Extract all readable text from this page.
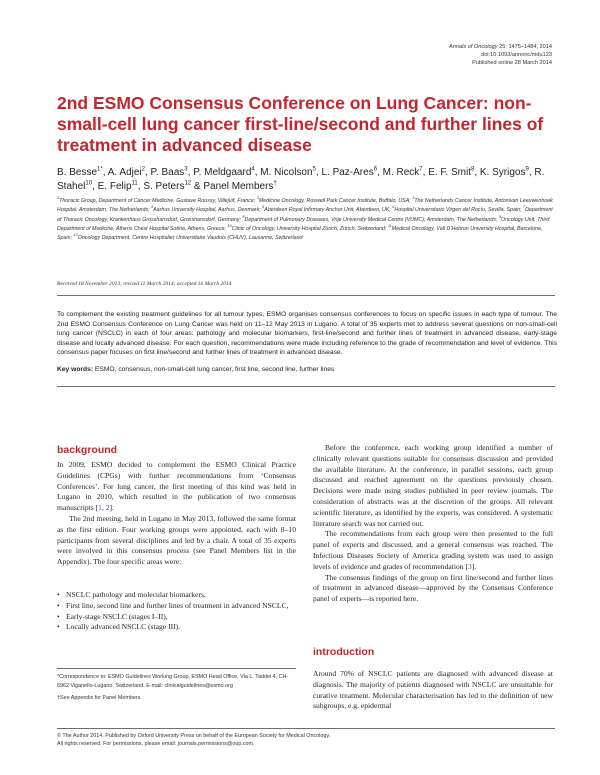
Annals of Oncology 25: 1475–1484, 2014
doi:10.1093/annonc/mdu123
Published online 28 March 2014
2nd ESMO Consensus Conference on Lung Cancer: non-small-cell lung cancer first-line/second and further lines of treatment in advanced disease
B. Besse$^{1*}$, A. Adjei$^2$, P. Baas$^3$, P. Meldgaard$^4$, M. Nicolson$^5$, L. Paz-Ares$^6$, M. Reck$^7$, E. F. Smit$^8$, K. Syrigos$^9$, R. Stahel$^{10}$, E. Felip$^{11}$, S. Peters$^{12}$ & Panel Members†
$^1$Thoracic Group, Department of Cancer Medicine, Gustave Roussy, Villejuif, France; $^2$Medicine Oncology, Roswell Park Cancer Institute, Buffalo, USA; $^3$The Netherlands Cancer Institute, Antonivan Leeuwenhoek Hospital, Amsterdam, The Netherlands; $^4$Aarhus University Hospital, Aarhus, Denmark; $^5$Aberdeen Royal Infirmary Anchor Unit, Aberdeen, UK; $^6$Hospital Universitario Virgen del Rocío, Sevilla, Spain; $^7$Department of Thoracic Oncology, Krankenhaus Grosshansdorf, Grosshansdorf, Germany; $^8$Department of Pulmonary Diseases, Vrije University Medical Centre (VUMC), Amsterdam, The Netherlands; $^9$Oncology Unit, Third Department of Medicine, Athens Chest Hospital Sotiria, Athens, Greece; $^{10}$Clinic of Oncology, University Hospital Zürich, Zürich, Switzerland; $^{11}$Medical Oncology, Vall D'Hebron University Hospital, Barcelona, Spain; $^{12}$Oncology Department, Centre Hospitalier Universitaire Vaudois (CHUV), Lausanne, Switzerland
Received 18 November 2013; revised 11 March 2014; accepted 16 March 2014
To complement the existing treatment guidelines for all tumour types, ESMO organises consensus conferences to focus on specific issues in each type of tumour. The 2nd ESMO Consensus Conference on Lung Cancer was held on 11–12 May 2013 in Lugano. A total of 35 experts met to address several questions on non-small-cell lung cancer (NSCLC) in each of four areas: pathology and molecular biomarkers, first-line/second and further lines of treatment in advanced disease, early-stage disease and locally advanced disease. For each question, recommendations were made including reference to the grade of recommendation and level of evidence. This consensus paper focuses on first line/second and further lines of treatment in advanced disease.
Key words: ESMO, consensus, non-small-cell lung cancer, first line, second line, further lines
background

In 2009, ESMO decided to complement the ESMO Clinical Practice Guidelines (CPGs) with further recommendations from ‘Consensus Conferences’. For lung cancer, the first meeting of this kind was held in Lugano in 2010, which resulted in the publication of two consensus manuscripts [1, 2].

The 2nd meeting, held in Lugano in May 2013, followed the same format as the first edition. Four working groups were appointed, each with 8–10 participants from several disciplines and led by a chair. A total of 35 experts were involved in this consensus process (see Panel Members list in the Appendix). The four specific areas were:

• NSCLC pathology and molecular biomarkers,
• First line, second line and further lines of treatment in advanced NSCLC,
• Early-stage NSCLC (stages I–II),
• Locally advanced NSCLC (stage III).
*Correspondence to: ESMO Guidelines Working Group, ESMO Head Office, Via L. Taddei 4, CH-6962 Viganello-Lugano, Switzerland. E-mail: clinicalguidelines@esmo.org
†See Appendix for Panel Members.

Before the conference, each working group identified a number of clinically relevant questions suitable for consensus discussion and provided the available literature. At the conference, in parallel sessions, each group discussed and reached agreement on the questions previously chosen. Decisions were made using studies published in peer review journals. The consideration of abstracts was at the discretion of the groups. All relevant scientific literature, as identified by the experts, was considered. A systematic literature search was not carried out.

The recommendations from each group were then presented to the full panel of experts and discussed, and a general consensus was reached. The Infectious Diseases Society of America grading system was used to assign levels of evidence and grades of recommendation [3].

The consensus findings of the group on first line/second and further lines of treatment in advanced disease—approved by the Consensus Conference panel of experts—is reported here.

introduction

Around 70% of NSCLC patients are diagnosed with advanced disease at diagnosis. The majority of patients diagnosed with NSCLC are unsuitable for curative treatment. Molecular characterisation has led to the definition of new subgroups, e.g. epidermal

© The Author 2014. Published by Oxford University Press on behalf of the European Society for Medical Oncology.
All rights reserved. For permissions, please email: journals.permissions@oup.com.
